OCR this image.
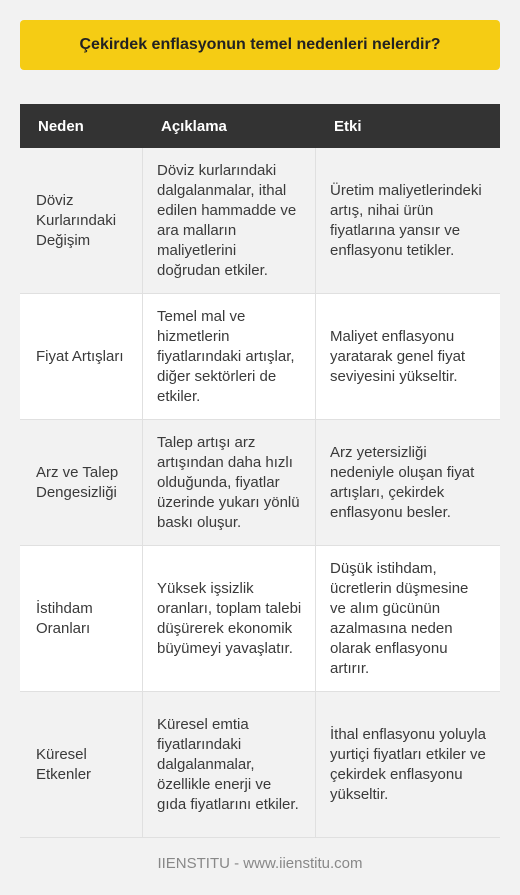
Çekirdek enflasyonun temel nedenleri nelerdir?
Neden	Açıklama	Etki
Döviz Kurlarındaki Değişim
Döviz kurlarındaki dalgalanmalar, ithal edilen hammadde ve ara malların maliyetlerini doğrudan etkiler.
Üretim maliyetlerindeki artış, nihai ürün fiyatlarına yansır ve enflasyonu tetikler.
Fiyat Artışları
Temel mal ve hizmetlerin fiyatlarındaki artışlar, diğer sektörleri de etkiler.
Maliyet enflasyonu yaratarak genel fiyat seviyesini yükseltir.
Arz ve Talep Dengesizliği
Talep artışı arz artışından daha hızlı olduğunda, fiyatlar üzerinde yukarı yönlü baskı oluşur.
Arz yetersizliği nedeniyle oluşan fiyat artışları, çekirdek enflasyonu besler.
İstihdam Oranları
Yüksek işsizlik oranları, toplam talebi düşürerek ekonomik büyümeyi yavaşlatır.
Düşük istihdam, ücretlerin düşmesine ve alım gücünün azalmasına neden olarak enflasyonu artırır.
Küresel Etkenler
Küresel emtia fiyatlarındaki dalgalanmalar, özellikle enerji ve gıda fiyatlarını etkiler.
İthal enflasyonu yoluyla yurtiçi fiyatları etkiler ve çekirdek enflasyonu yükseltir.
IIENSTITU - www.iienstitu.com
